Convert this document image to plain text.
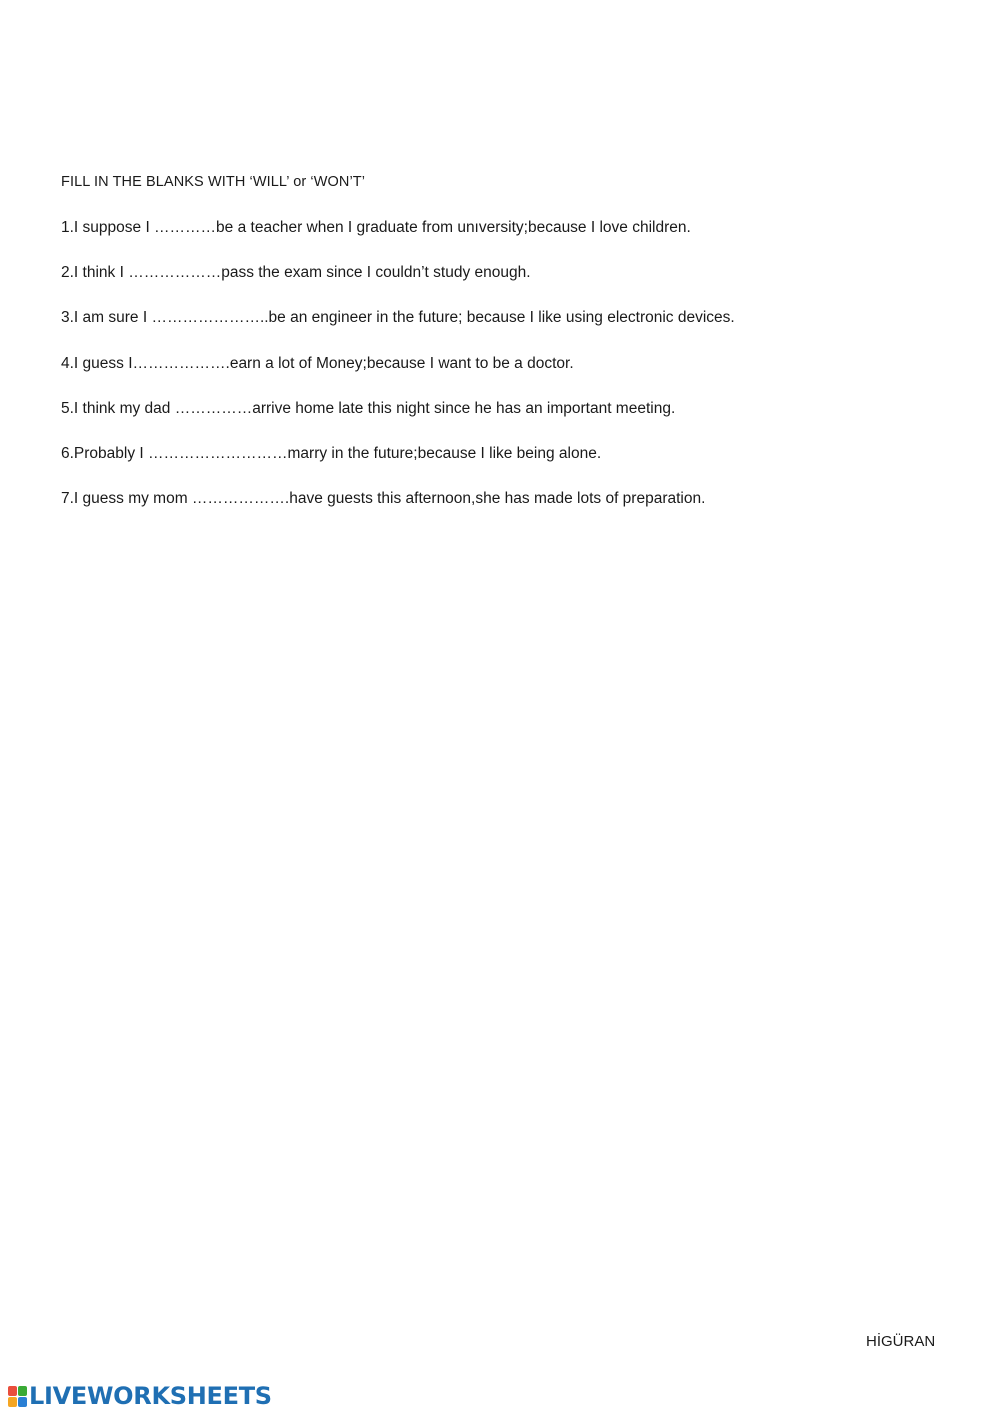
FILL IN THE BLANKS WITH ‘WILL’ or ‘WON’T’
1.I suppose I …………be a teacher when I graduate from unıversity;because I love children.
2.I think I ………………pass the exam since I couldn’t study enough.
3.I am sure I …………………..be an engineer in the future; because I like using electronic devices.
4.I guess I……………….earn a lot of Money;because I want to be a doctor.
5.I think my dad ……………arrive home late this night since he has an important meeting.
6.Probably I ………………………marry in the future;because I like being alone.
7.I guess my mom ……………….have guests this afternoon,she has made lots of preparation.
HİGÜRAN
LIVEWORKSHEETS
